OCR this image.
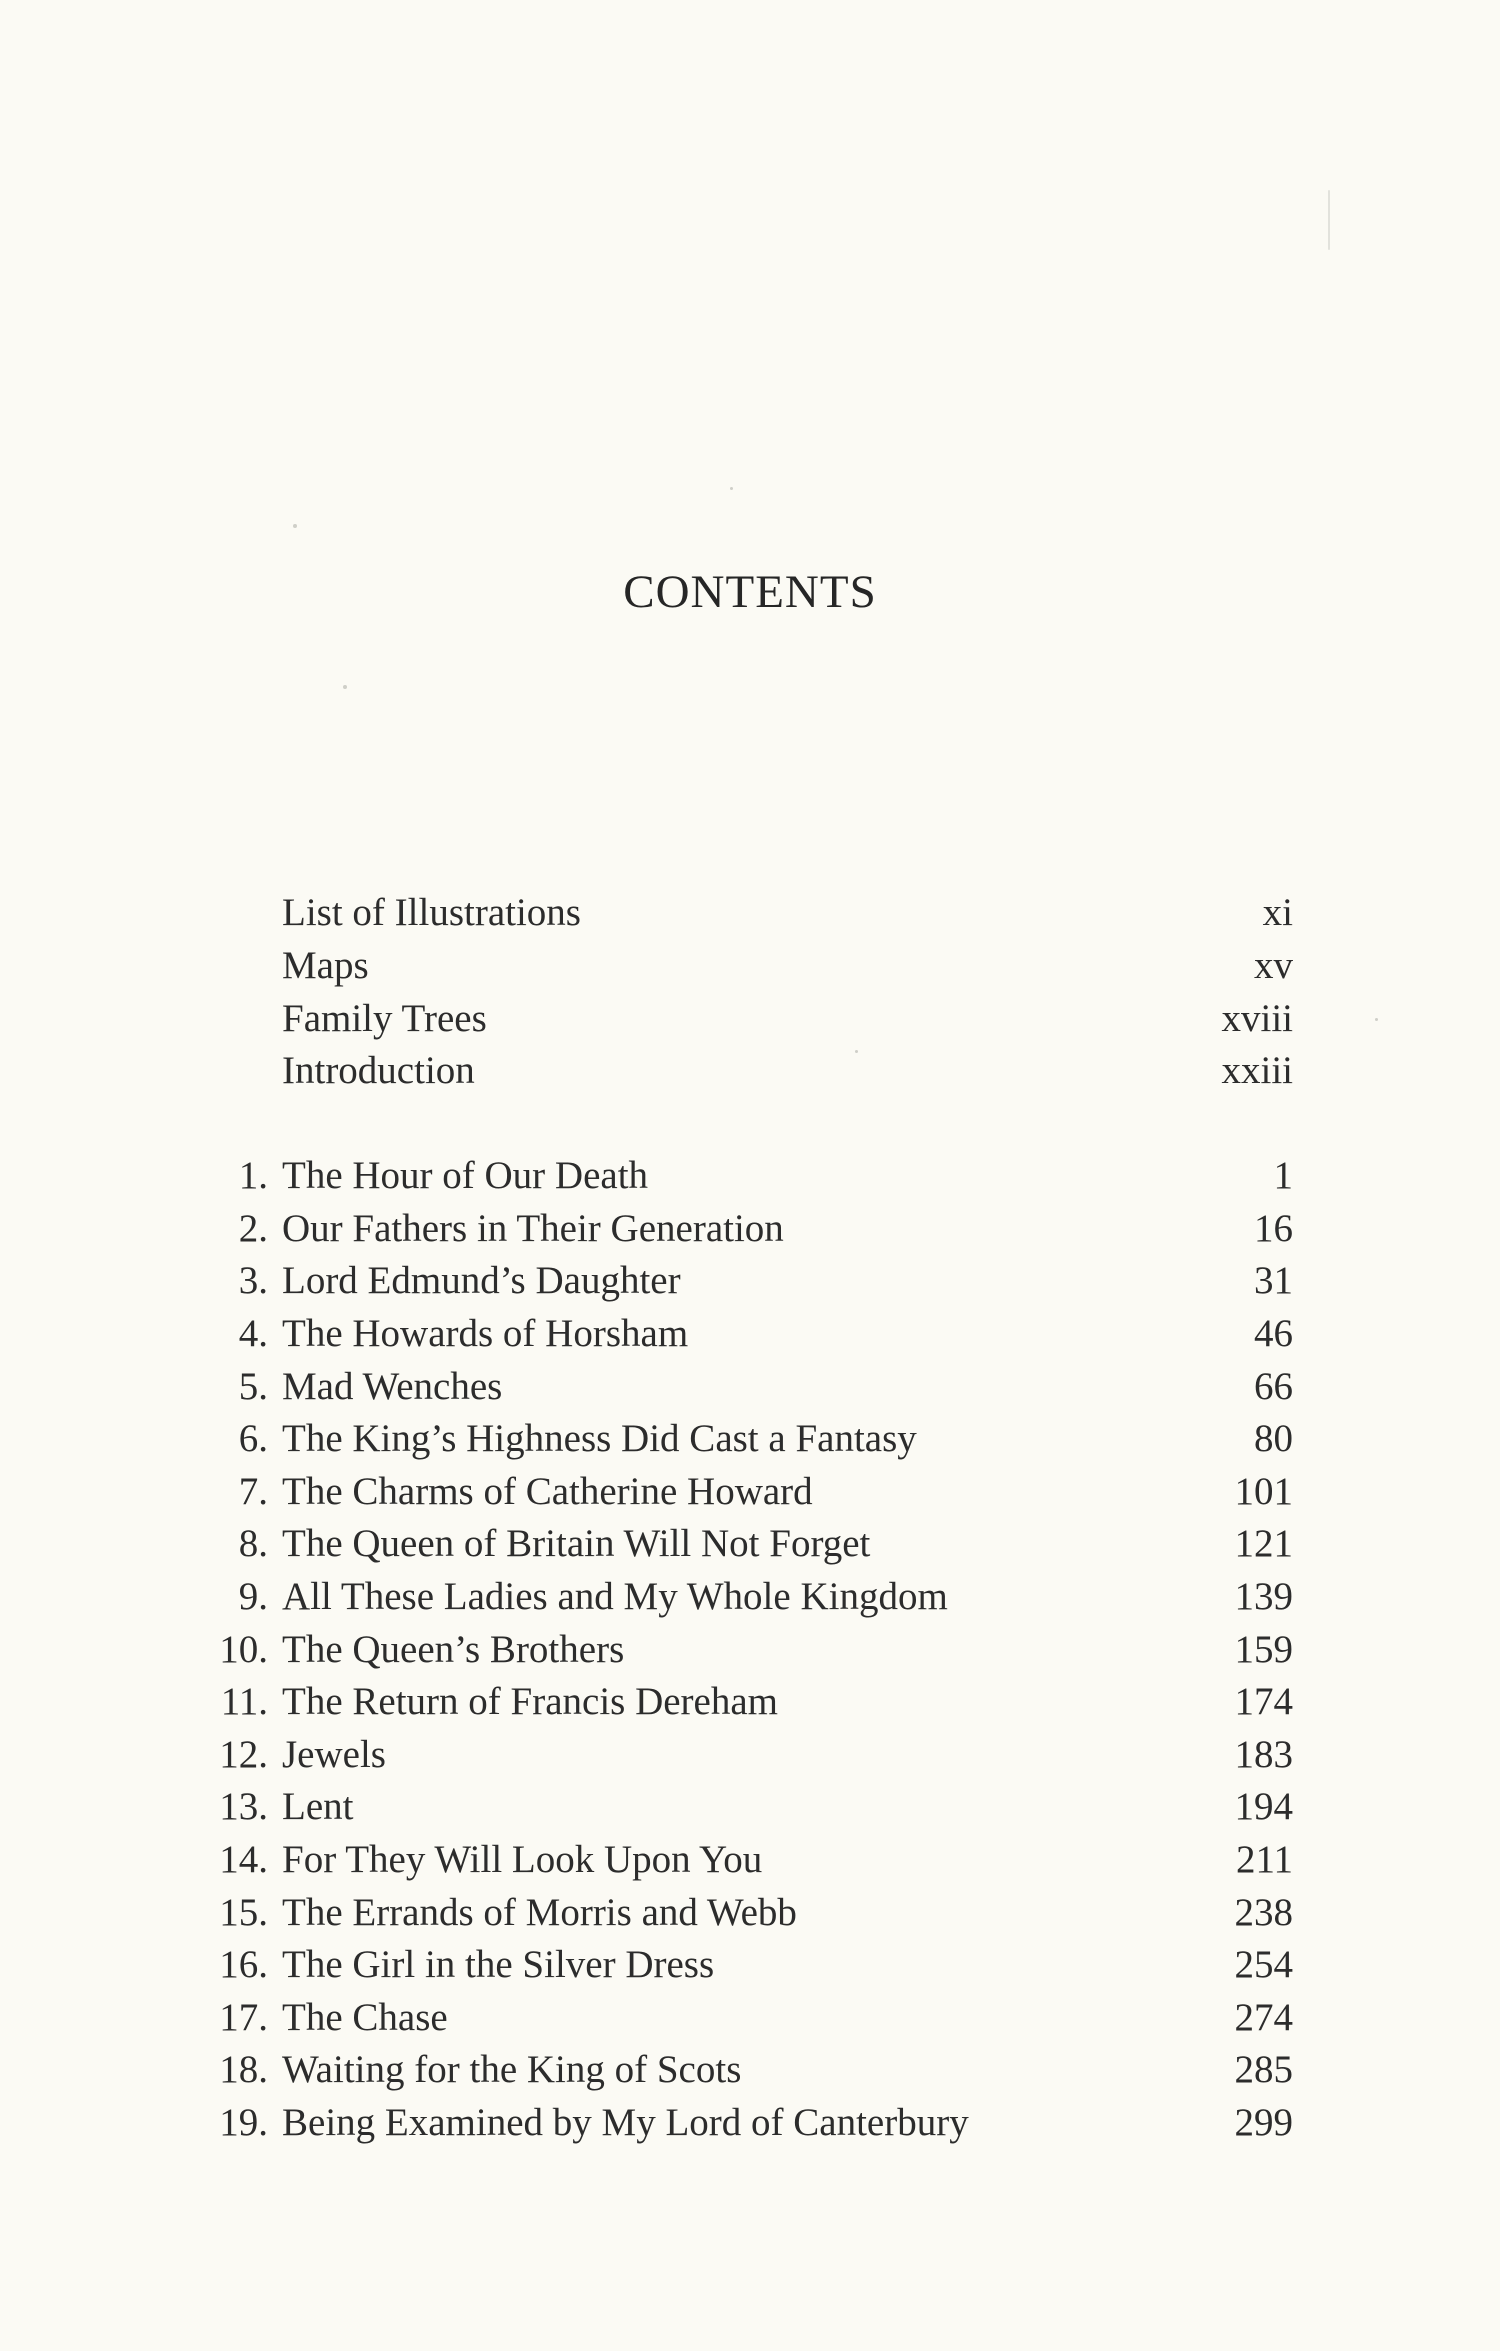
CONTENTS
List of Illustrations	xi
Maps	xv
Family Trees	xviii
Introduction	xxiii
1. The Hour of Our Death	1
2. Our Fathers in Their Generation	16
3. Lord Edmund’s Daughter	31
4. The Howards of Horsham	46
5. Mad Wenches	66
6. The King’s Highness Did Cast a Fantasy	80
7. The Charms of Catherine Howard	101
8. The Queen of Britain Will Not Forget	121
9. All These Ladies and My Whole Kingdom	139
10. The Queen’s Brothers	159
11. The Return of Francis Dereham	174
12. Jewels	183
13. Lent	194
14. For They Will Look Upon You	211
15. The Errands of Morris and Webb	238
16. The Girl in the Silver Dress	254
17. The Chase	274
18. Waiting for the King of Scots	285
19. Being Examined by My Lord of Canterbury	299
